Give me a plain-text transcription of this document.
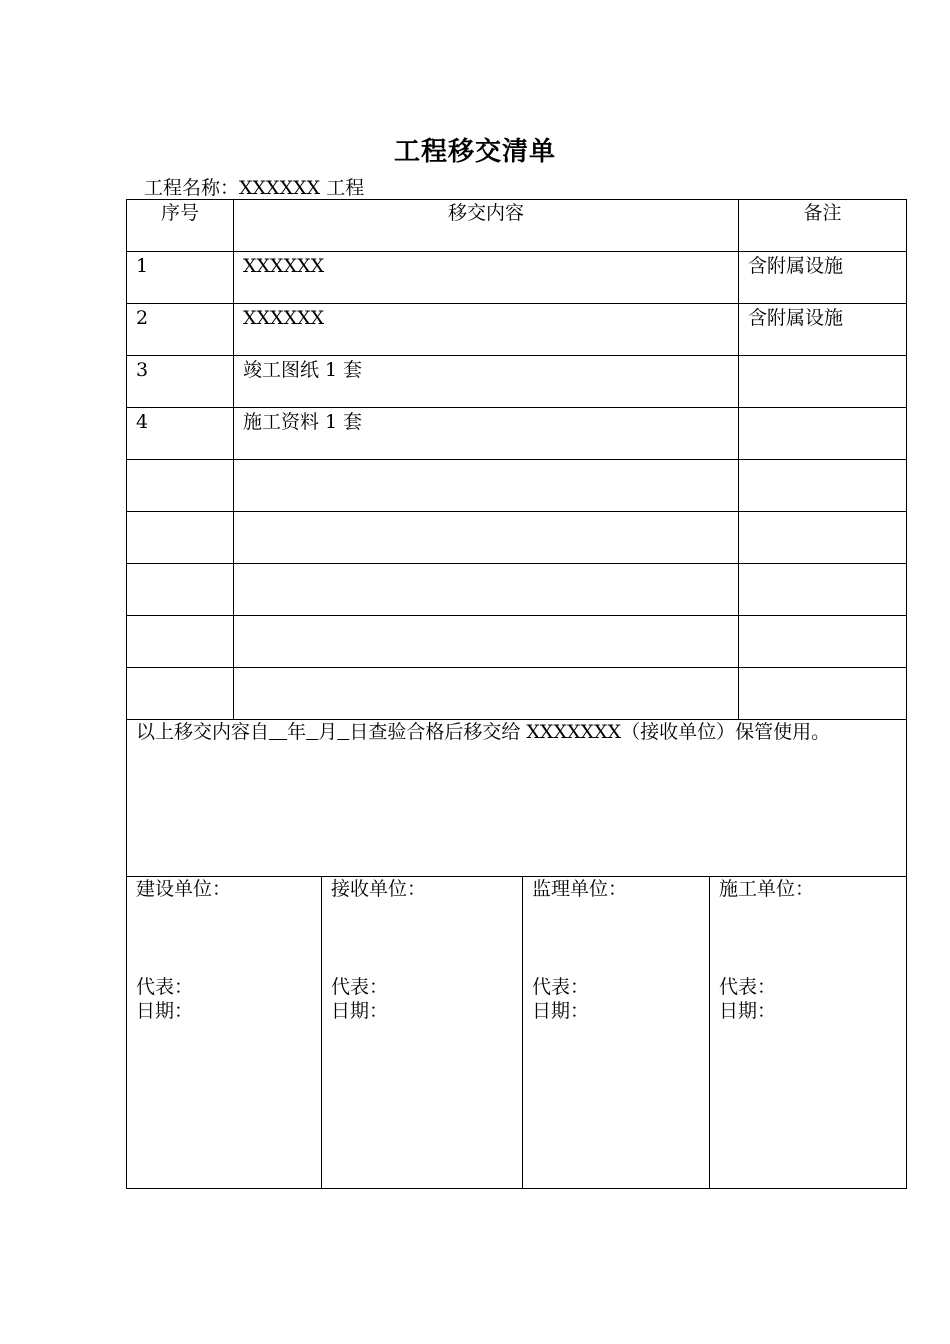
工程移交清单
工程名称：XXXXXX 工程
序号	移交内容				备注
1	XXXXXX				含附属设施
2	XXXXXX				含附属设施
3	竣工图纸 1 套				
4	施工资料 1 套				

以上移交内容自 年 月 日查验合格后移交给 XXXXXXX（接收单位）保管使用。					

建设单位：
代表：
日期：		接收单位：
代表：
日期：	监理单位：
代表：
日期：	施工单位：
代表：
日期：	
